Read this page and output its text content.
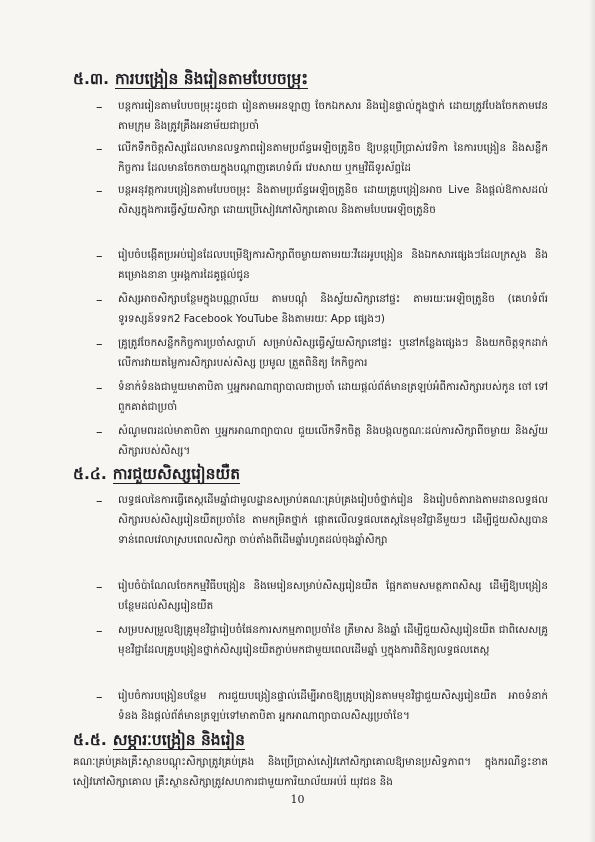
៥.៣. ការបង្រៀន និងរៀនតាមបែបចម្រុះ
– បន្តការរៀនតាមបែបចម្រុះដូចជា រៀនតាមអនឡាញ ចែកឯកសារ និងរៀនផ្ទាល់ក្នុងថ្នាក់ ដោយត្រូវបែងចែកតាមវេន តាមក្រុម និងត្រូវគ្រឹងអនាម័យជាប្រចាំ
– លើកទឹកចិត្តសិស្សដែលមានលទ្ធភាពរៀនតាមប្រព័ន្ធអេឡិចត្រូនិច ឱ្យបន្តប្រើប្រាស់វេទិកា នៃការបង្រៀន និងសន្លឹកកិច្ចការ ដែលមានចែកចាយក្នុងបណ្ដាញគេហទំព័រ វេបសាយ ឬកម្មវិធីទូរស័ព្ទដៃ
– បន្តអនុវត្តការបង្រៀនតាមបែបចម្រុះ និងតាមប្រព័ន្ធអេឡិចត្រូនិច ដោយគ្រូបង្រៀនអាច Live និងផ្ដល់ឱកាសដល់សិស្សក្នុងការធ្វើស្វ័យសិក្សា ដោយប្រើសៀវភៅសិក្សាគោល និងតាមបែបអេឡិចត្រូនិច
– រៀបចំបង្កើតប្រអប់រៀនដែលបម្រើឱ្យការសិក្សាពីចម្ងាយតាមរយៈវីដេអូបង្រៀន និងឯកសារផ្សេងៗដែលក្រសួង និងគម្រោងនានា ឬអង្គការដៃគូផ្ដល់ជូន
– សិស្សអាចសិក្សាបន្ថែមក្នុងបណ្ណាល័យ តាមបណ្ដុំ និងស្វ័យសិក្សានៅផ្ទះ តាមរយៈអេឡិចត្រូនិច (គេហទំព័រ ទូរទស្សន៍ទទក2 Facebook YouTube និងតាមរយៈ App ផ្សេងៗ)
– គ្រូត្រូវចែកសន្លឹកកិច្ចការប្រចាំសប្តាហ៍ សម្រាប់សិស្សធ្វើស្វ័យសិក្សានៅផ្ទះ ឬនៅកន្លែងផ្សេងៗ និងយកចិត្តទុកដាក់លើការវាយតម្លៃការសិក្សារបស់សិស្ស ប្រមូល ត្រួតពិនិត្យ កែកិច្ចការ
– ទំនាក់ទំនងជាមួយមាតាបិតា ឬអ្នកអាណាព្យាបាលជាប្រចាំ ដោយផ្ដល់ព័ត៌មានត្រឡប់អំពីការសិក្សារបស់កូន ចៅ ទៅពួកគាត់ជាប្រចាំ
– សំណូមពរដល់មាតាបិតា ឬអ្នកអាណាព្យាបាល ជួយលើកទឹកចិត្ត និងបង្កលក្ខណៈដល់ការសិក្សាពីចម្ងាយ និងស្វ័យសិក្សារបស់សិស្ស។
៥.៤. ការជួយសិស្សរៀនយឺត
– លទ្ធផលនៃការធ្វើតេស្តដើមឆ្នាំជាមូលដ្ឋានសម្រាប់គណៈគ្រប់គ្រងរៀបចំថ្នាក់រៀន និងរៀបចំតារាងតាមដានលទ្ធផលសិក្សារបស់សិស្សរៀនយឺតប្រចាំខែ តាមកម្រិតថ្នាក់ ផ្ដោតលើលទ្ធផលតេស្តនៃមុខវិជ្ជានីមួយៗ ដើម្បីជួយសិស្សបានទាន់ពេលវេលាស្របពេលសិក្សា ចាប់តាំងពីដើមឆ្នាំរហូតដល់ចុងឆ្នាំសិក្សា
– រៀបចំប៉ាណែលចែកកម្មវិធីបង្រៀន និងមេរៀនសម្រាប់សិស្សរៀនយឺត ផ្អែកតាមសមត្ថភាពសិស្ស ដើម្បីឱ្យបង្រៀនបន្ថែមដល់សិស្សរៀនយឺត
– សម្របសម្រួលឱ្យគ្រូមុខវិជ្ជារៀបចំផែនការសកម្មភាពប្រចាំខែ ត្រីមាស និងឆ្នាំ ដើម្បីជួយសិស្សរៀនយឺត ជាពិសេសគ្រូមុខវិជ្ជាដែលគ្រូបង្រៀនថ្នាក់សិស្សរៀនយឺតភ្ជាប់មកជាមួយពេលដើមឆ្នាំ ឬក្នុងការពិនិត្យលទ្ធផលតេស្ត
– រៀបចំការបង្រៀនបន្ថែម ការជួយបង្រៀនផ្ទាល់ដើម្បីអាចឱ្យគ្រូបង្រៀនតាមមុខវិជ្ជាជួយសិស្សរៀនយឺត អាចទំនាក់ទំនង និងផ្ដល់ព័ត៌មានត្រឡប់ទៅមាតាបិតា អ្នកអាណាព្យាបាលសិស្សប្រចាំខែ។
៥.៥. សម្ភារៈបង្រៀន និងរៀន
គណៈគ្រប់គ្រងគ្រឹះស្ថានបណ្ដុះសិក្សាត្រូវគ្រប់គ្រង និងប្រើប្រាស់សៀវភៅសិក្សាគោលឱ្យមានប្រសិទ្ធភាព។ ក្នុងករណីខ្វះខាតសៀវភៅសិក្សាគោល គ្រឹះស្ថានសិក្សាត្រូវសហការជាមួយការិយាល័យអប់រំ យុវជន និង
10
